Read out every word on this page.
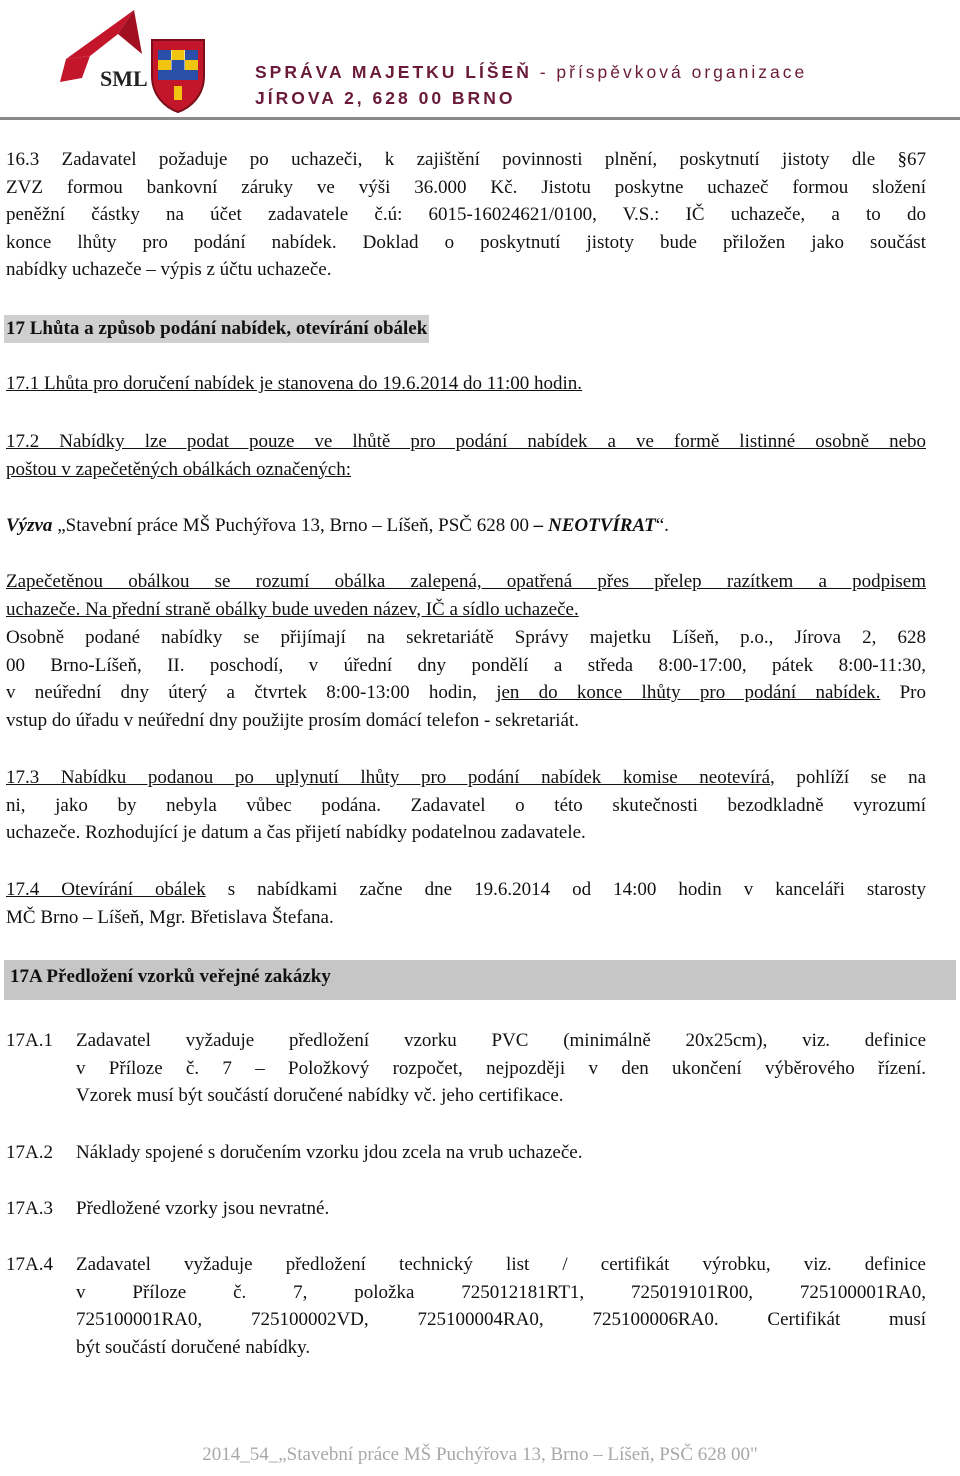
SML	SPRÁVA MAJETKU LÍŠEŇ - příspěvková organizace
JÍROVA 2, 628 00 BRNO
16.3 Zadavatel požaduje po uchazeči, k zajištění povinnosti plnění, poskytnutí jistoty dle §67
ZVZ formou bankovní záruky ve výši 36.000 Kč. Jistotu poskytne uchazeč formou složení
peněžní částky na účet zadavatele č.ú: 6015-16024621/0100, V.S.: IČ uchazeče, a to do
konce lhůty pro podání nabídek. Doklad o poskytnutí jistoty bude přiložen jako součást
nabídky uchazeče – výpis z účtu uchazeče.
17 Lhůta a způsob podání nabídek, otevírání obálek
17.1 Lhůta pro doručení nabídek je stanovena do 19.6.2014 do 11:00 hodin.
17.2 Nabídky lze podat pouze ve lhůtě pro podání nabídek a ve formě listinné osobně nebo
poštou v zapečetěných obálkách označených:
Výzva „Stavební práce MŠ Puchýřova 13, Brno – Líšeň, PSČ 628 00 – NEOTVÍRAT“.
Zapečetěnou obálkou se rozumí obálka zalepená, opatřená přes přelep razítkem a podpisem
uchazeče. Na přední straně obálky bude uveden název, IČ a sídlo uchazeče.
Osobně podané nabídky se přijímají na sekretariátě Správy majetku Líšeň, p.o., Jírova 2, 628
00 Brno-Líšeň, II. poschodí, v úřední dny pondělí a středa 8:00-17:00, pátek 8:00-11:30,
v neúřední dny úterý a čtvrtek 8:00-13:00 hodin, jen do konce lhůty pro podání nabídek. Pro
vstup do úřadu v neúřední dny použijte prosím domácí telefon - sekretariát.
17.3 Nabídku podanou po uplynutí lhůty pro podání nabídek komise neotevírá, pohlíží se na
ni, jako by nebyla vůbec podána. Zadavatel o této skutečnosti bezodkladně vyrozumí
uchazeče. Rozhodující je datum a čas přijetí nabídky podatelnou zadavatele.
17.4 Otevírání obálek s nabídkami začne dne 19.6.2014 od 14:00 hodin v kanceláři starosty
MČ Brno – Líšeň, Mgr. Břetislava Štefana.
17A Předložení vzorků veřejné zakázky
17A.1 Zadavatel vyžaduje předložení vzorku PVC (minimálně 20x25cm), viz. definice
v Příloze č. 7 – Položkový rozpočet, nejpozději v den ukončení výběrového řízení.
Vzorek musí být součástí doručené nabídky vč. jeho certifikace.
17A.2 Náklady spojené s doručením vzorku jdou zcela na vrub uchazeče.
17A.3 Předložené vzorky jsou nevratné.
17A.4 Zadavatel vyžaduje předložení technický list / certifikát výrobku, viz. definice
v Příloze č. 7, položka 725012181RT1, 725019101R00, 725100001RA0,
725100001RA0, 725100002VD, 725100004RA0, 725100006RA0. Certifikát musí
být součástí doručené nabídky.
2014_54_„Stavební práce MŠ Puchýřova 13, Brno – Líšeň, PSČ 628 00"
